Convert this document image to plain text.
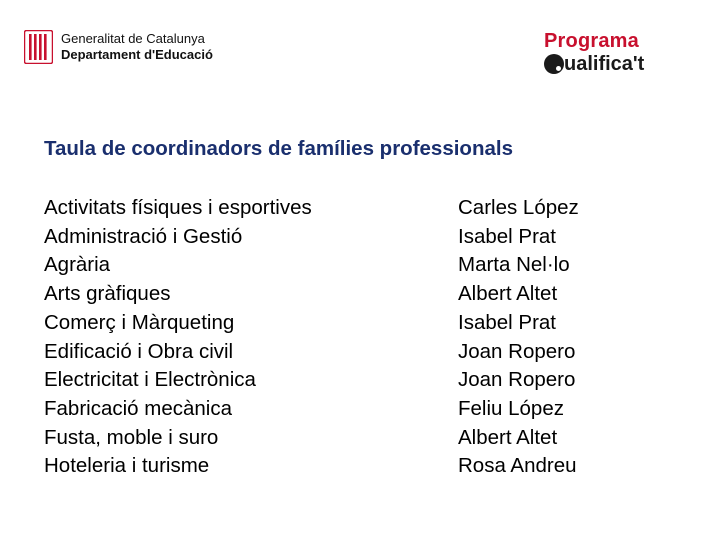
Generalitat de Catalunya
Departament d'Educació
Programa
ualifica't
Taula de coordinadors de famílies professionals
Activitats físiques i esportives
Administració i Gestió
Agrària
Arts gràfiques
Comerç i Màrqueting
Edificació i Obra civil
Electricitat i Electrònica
Fabricació mecànica
Fusta, moble i suro
Hoteleria i turisme
Carles López
Isabel Prat
Marta Nel·lo
Albert Altet
Isabel Prat
Joan Ropero
Joan Ropero
Feliu López
Albert Altet
Rosa Andreu
